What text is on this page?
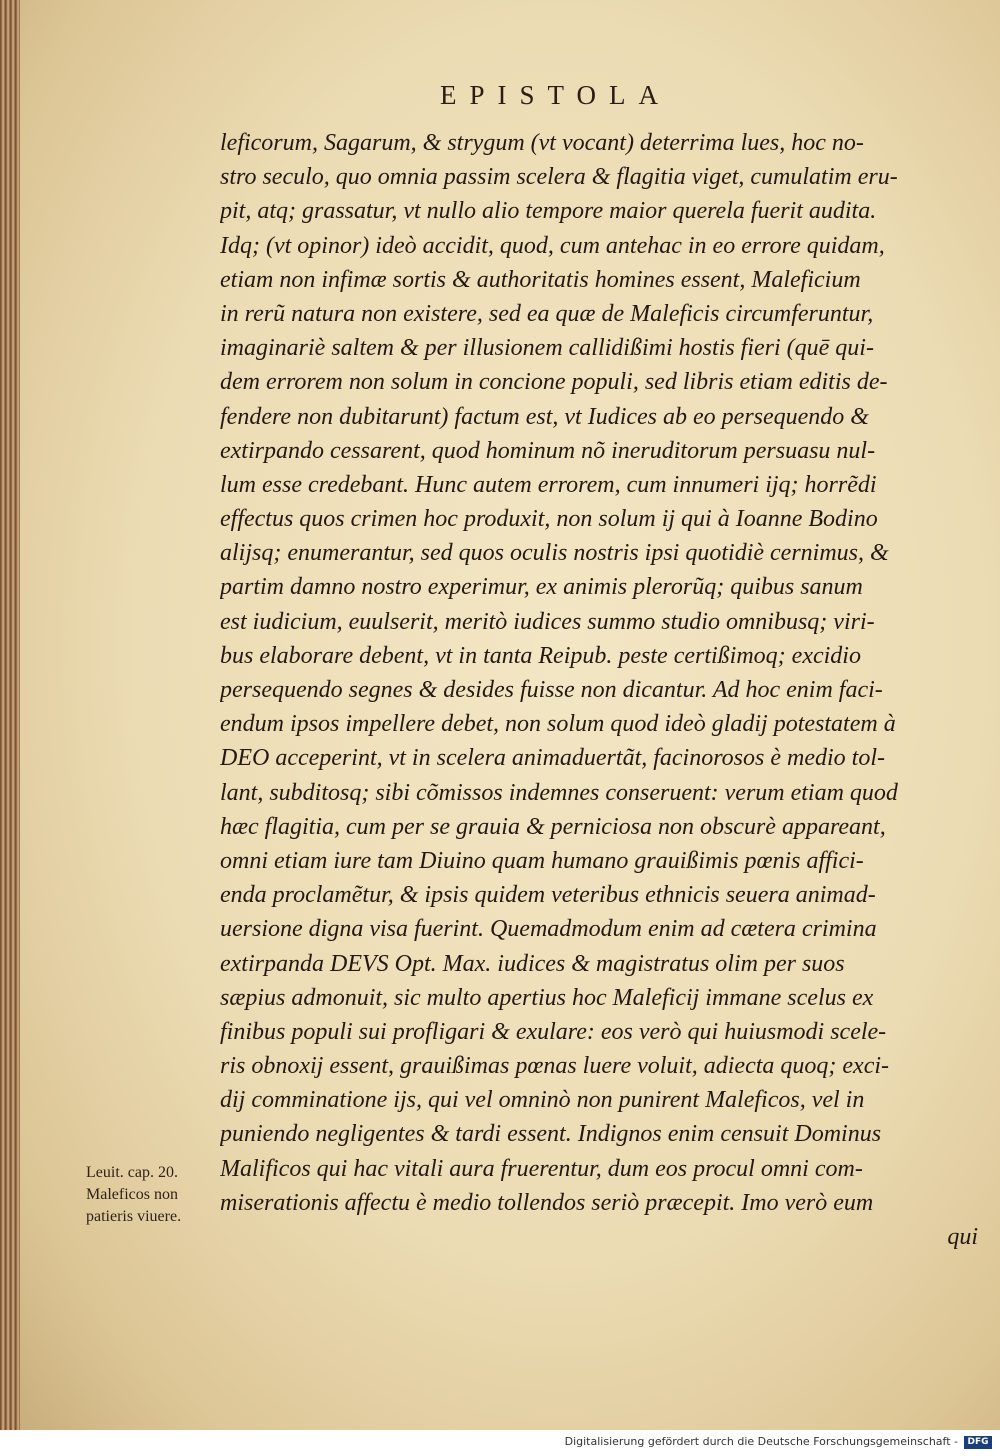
EPISTOLA
leficorum, Sagarum, & strygum (vt vocant) deterrima lues, hoc no-
stro seculo, quo omnia passim scelera & flagitia viget, cumulatim eru-
pit, atq; grassatur, vt nullo alio tempore maior querela fuerit audita.
Idq; (vt opinor) ideò accidit, quod, cum antehac in eo errore quidam,
etiam non infimæ sortis & authoritatis homines essent, Maleficium
in rerũ natura non existere, sed ea quæ de Maleficis circumferuntur,
imaginariè saltem & per illusionem callidißimi hostis fieri (quē qui-
dem errorem non solum in concione populi, sed libris etiam editis de-
fendere non dubitarunt) factum est, vt Iudices ab eo persequendo &
extirpando cessarent, quod hominum nõ ineruditorum persuasu nul-
lum esse credebant. Hunc autem errorem, cum innumeri ijq; horrẽdi
effectus quos crimen hoc produxit, non solum ij qui à Ioanne Bodino
alijsq; enumerantur, sed quos oculis nostris ipsi quotidiè cernimus, &
partim damno nostro experimur, ex animis plerorũq; quibus sanum
est iudicium, euulserit, meritò iudices summo studio omnibusq; viri-
bus elaborare debent, vt in tanta Reipub. peste certißimoq; excidio
persequendo segnes & desides fuisse non dicantur. Ad hoc enim faci-
endum ipsos impellere debet, non solum quod ideò gladij potestatem à
DEO acceperint, vt in scelera animaduertãt, facinorosos è medio tol-
lant, subditosq; sibi cõmissos indemnes conseruent: verum etiam quod
hæc flagitia, cum per se grauia & perniciosa non obscurè appareant,
omni etiam iure tam Diuino quam humano grauißimis pœnis affici-
enda proclamẽtur, & ipsis quidem veteribus ethnicis seuera animad-
uersione digna visa fuerint. Quemadmodum enim ad cætera crimina
extirpanda DEVS Opt. Max. iudices & magistratus olim per suos
sæpius admonuit, sic multo apertius hoc Maleficij immane scelus ex
finibus populi sui profligari & exulare: eos verò qui huiusmodi scele-
ris obnoxij essent, grauißimas pœnas luere voluit, adiecta quoq; exci-
dij comminatione ijs, qui vel omninò non punirent Maleficos, vel in
puniendo negligentes & tardi essent. Indignos enim censuit Dominus
Malificos qui hac vitali aura fruerentur, dum eos procul omni com-
miserationis affectu è medio tollendos seriò præcepit. Imo verò eum
qui
Leuit. cap. 20.
Maleficos non
patieris viuere.
Digitalisierung gefördert durch die Deutsche Forschungsgemeinschaft -	DFG
